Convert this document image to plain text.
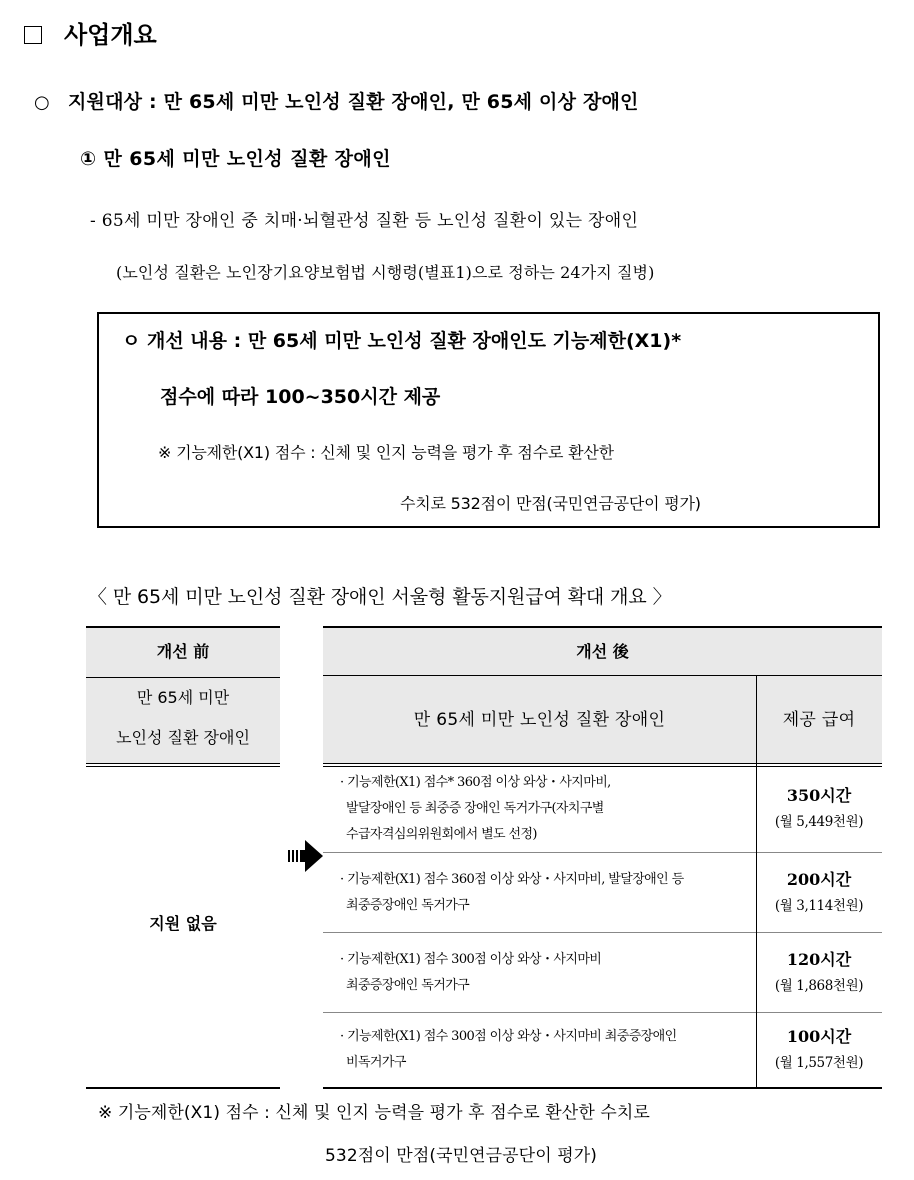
사업개요
○ 지원대상 : 만 65세 미만 노인성 질환 장애인, 만 65세 이상 장애인
① 만 65세 미만 노인성 질환 장애인
- 65세 미만 장애인 중 치매·뇌혈관성 질환 등 노인성 질환이 있는 장애인
(노인성 질환은 노인장기요양보험법 시행령(별표1)으로 정하는 24가지 질병)
ㅇ 개선 내용 : 만 65세 미만 노인성 질환 장애인도 기능제한(X1)*
점수에 따라 100~350시간 제공
※ 기능제한(X1) 점수 : 신체 및 인지 능력을 평가 후 점수로 환산한
수치로 532점이 만점(국민연금공단이 평가)
〈 만 65세 미만 노인성 질환 장애인 서울형 활동지원급여 확대 개요 〉
개선 前	개선 後
만 65세 미만
노인성 질환 장애인
만 65세 미만 노인성 질환 장애인	제공 급여
지원 없음
· 기능제한(X1) 점수* 360점 이상 와상・사지마비,
발달장애인 등 최중증 장애인 독거가구(자치구별
수급자격심의위원회에서 별도 선정)
350시간
(월 5,449천원)
· 기능제한(X1) 점수 360점 이상 와상・사지마비, 발달장애인 등
최중증장애인 독거가구
200시간
(월 3,114천원)
· 기능제한(X1) 점수 300점 이상 와상・사지마비
최중증장애인 독거가구
120시간
(월 1,868천원)
· 기능제한(X1) 점수 300점 이상 와상・사지마비 최중증장애인
비독거가구
100시간
(월 1,557천원)
※ 기능제한(X1) 점수 : 신체 및 인지 능력을 평가 후 점수로 환산한 수치로
532점이 만점(국민연금공단이 평가)
